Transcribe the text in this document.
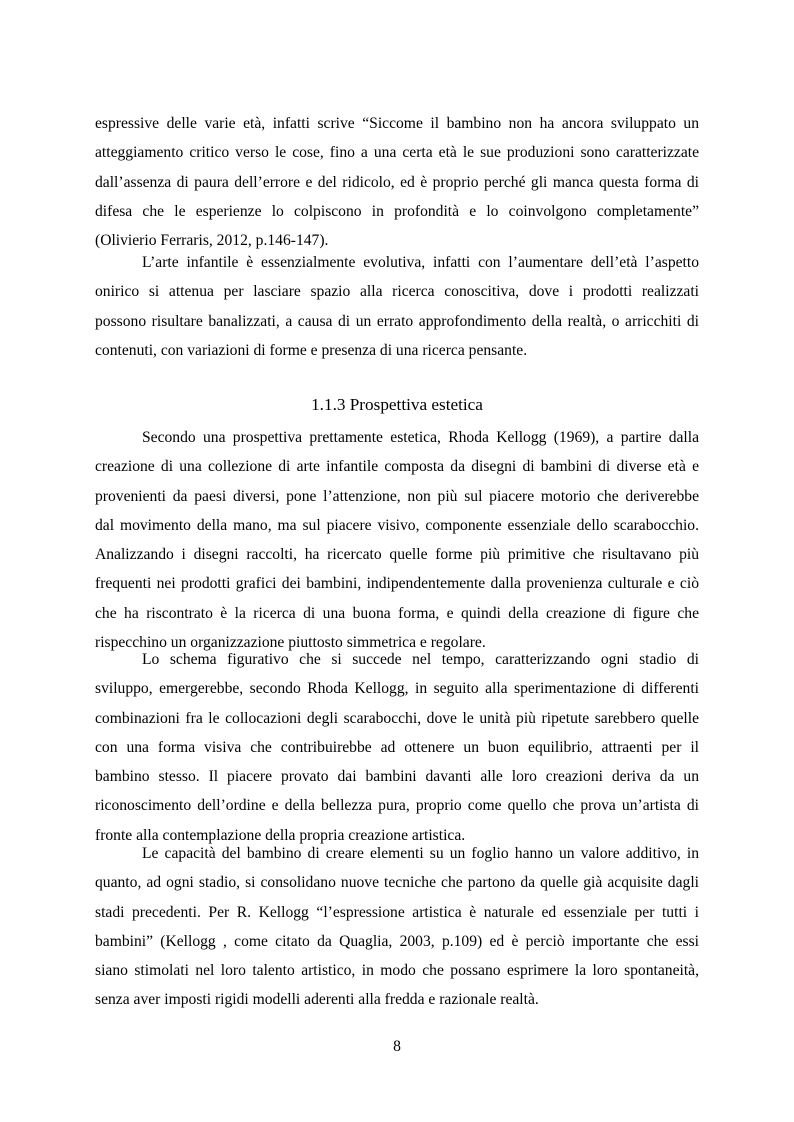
espressive delle varie età, infatti scrive “Siccome il bambino non ha ancora sviluppato un
atteggiamento critico verso le cose, fino a una certa età le sue produzioni sono caratterizzate
dall’assenza di paura dell’errore e del ridicolo, ed è proprio perché gli manca questa forma di
difesa che le esperienze lo colpiscono in profondità e lo coinvolgono completamente”
(Olivierio Ferraris, 2012, p.146-147).
L’arte infantile è essenzialmente evolutiva, infatti con l’aumentare dell’età l’aspetto
onirico si attenua per lasciare spazio alla ricerca conoscitiva, dove i prodotti realizzati
possono risultare banalizzati, a causa di un errato approfondimento della realtà, o arricchiti di
contenuti, con variazioni di forme e presenza di una ricerca pensante.
1.1.3 Prospettiva estetica
Secondo una prospettiva prettamente estetica, Rhoda Kellogg (1969), a partire dalla
creazione di una collezione di arte infantile composta da disegni di bambini di diverse età e
provenienti da paesi diversi, pone l’attenzione, non più sul piacere motorio che deriverebbe
dal movimento della mano, ma sul piacere visivo, componente essenziale dello scarabocchio.
Analizzando i disegni raccolti, ha ricercato quelle forme più primitive che risultavano più
frequenti nei prodotti grafici dei bambini, indipendentemente dalla provenienza culturale e ciò
che ha riscontrato è la ricerca di una buona forma, e quindi della creazione di figure che
rispecchino un organizzazione piuttosto simmetrica e regolare.
Lo schema figurativo che si succede nel tempo, caratterizzando ogni stadio di
sviluppo, emergerebbe, secondo Rhoda Kellogg, in seguito alla sperimentazione di differenti
combinazioni fra le collocazioni degli scarabocchi, dove le unità più ripetute sarebbero quelle
con una forma visiva che contribuirebbe ad ottenere un buon equilibrio, attraenti per il
bambino stesso. Il piacere provato dai bambini davanti alle loro creazioni deriva da un
riconoscimento dell’ordine e della bellezza pura, proprio come quello che prova un’artista di
fronte alla contemplazione della propria creazione artistica.
Le capacità del bambino di creare elementi su un foglio hanno un valore additivo, in
quanto, ad ogni stadio, si consolidano nuove tecniche che partono da quelle già acquisite dagli
stadi precedenti. Per R. Kellogg “l’espressione artistica è naturale ed essenziale per tutti i
bambini” (Kellogg , come citato da Quaglia, 2003, p.109) ed è perciò importante che essi
siano stimolati nel loro talento artistico, in modo che possano esprimere la loro spontaneità,
senza aver imposti rigidi modelli aderenti alla fredda e razionale realtà.
8
